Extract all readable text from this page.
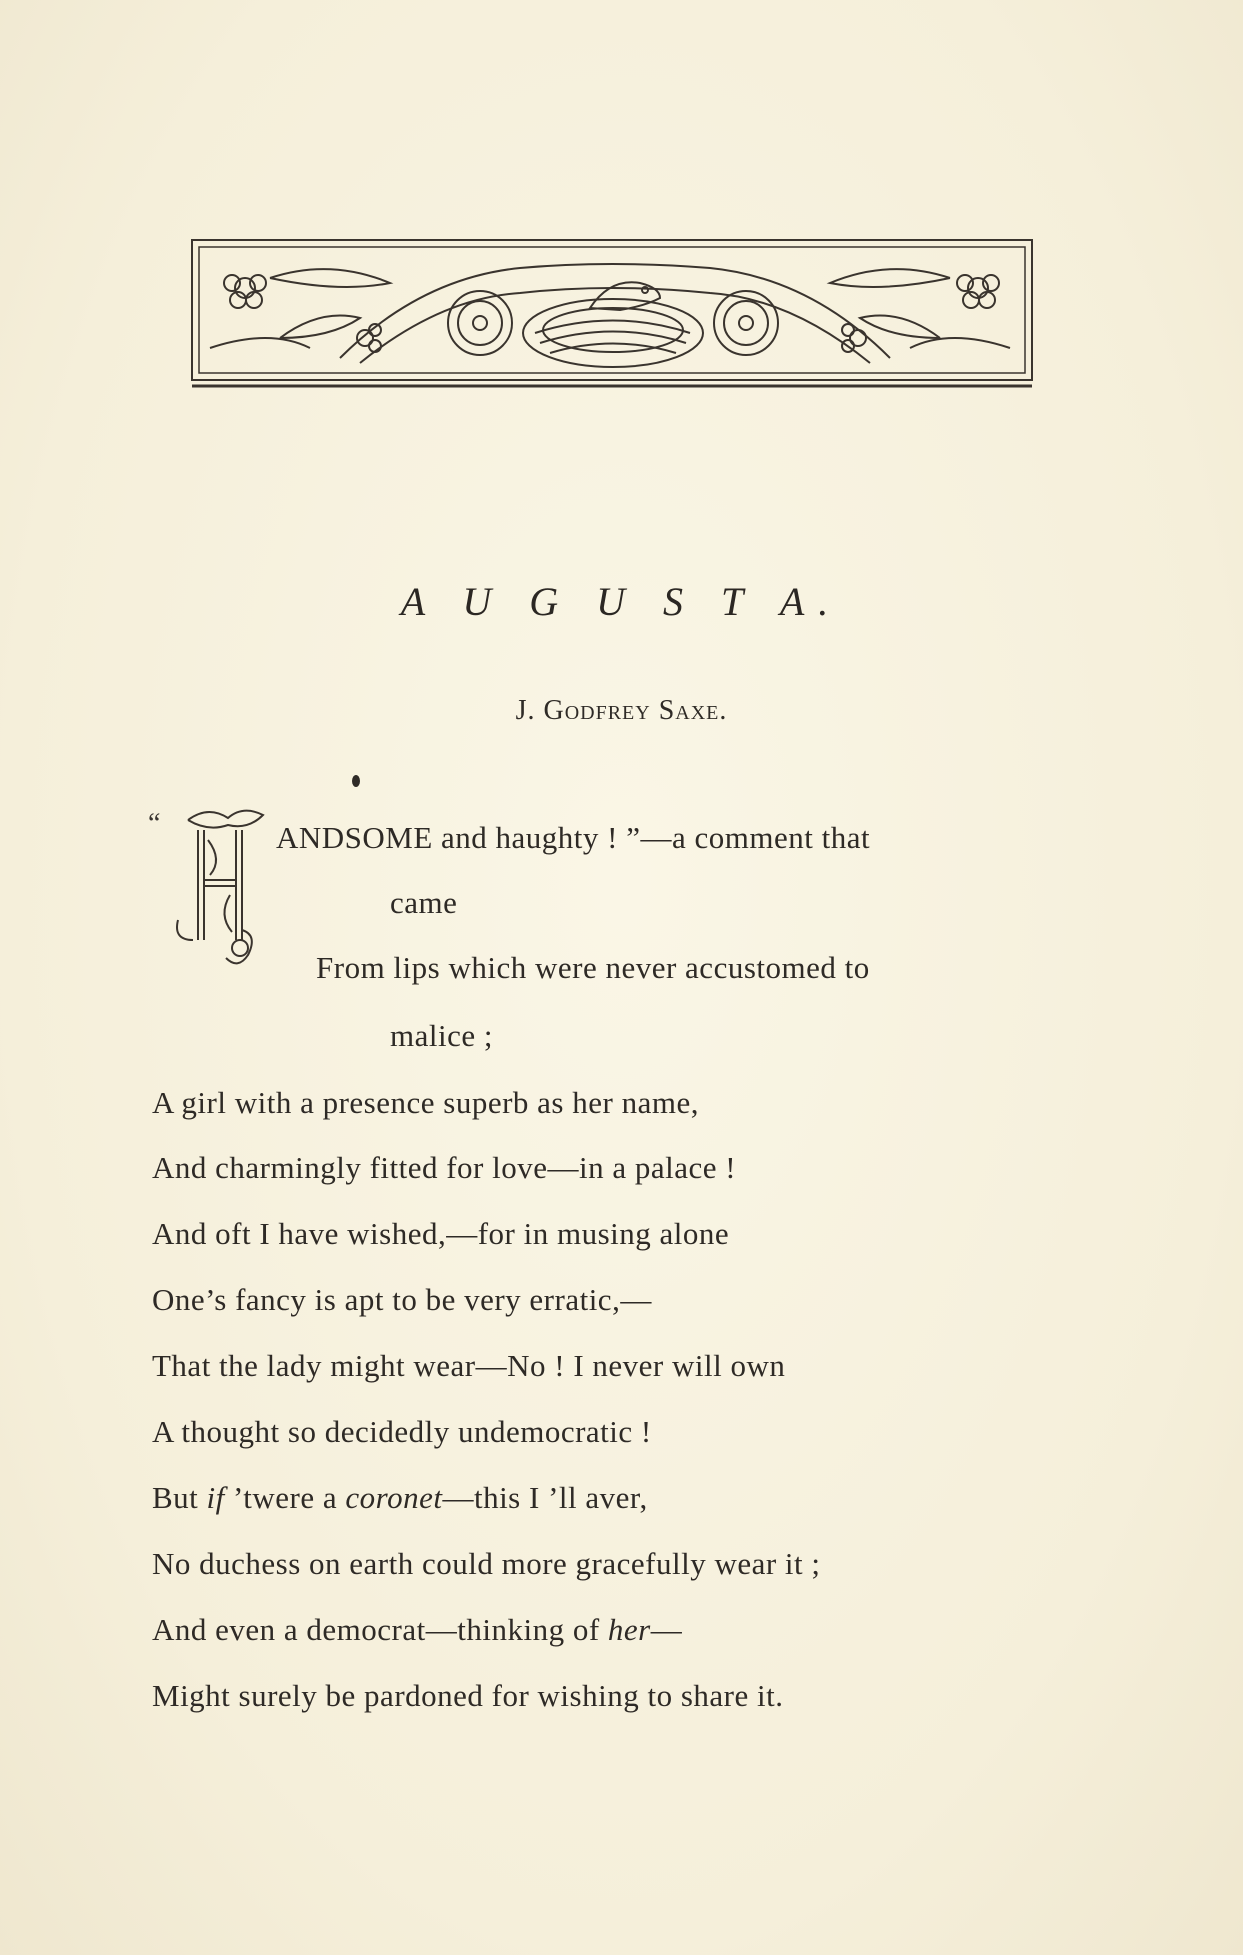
A U G U S T A.
J. Godfrey Saxe.
“
H
ANDSOME and haughty ! ”—a comment that
came
From lips which were never accustomed to
malice ;
A girl with a presence superb as her name,
And charmingly fitted for love—in a palace !
And oft I have wished,—for in musing alone
One’s fancy is apt to be very erratic,—
That the lady might wear—No ! I never will own
A thought so decidedly undemocratic !
But if ’twere a coronet—this I ’ll aver,
No duchess on earth could more gracefully wear it ;
And even a democrat—thinking of her—
Might surely be pardoned for wishing to share it.
